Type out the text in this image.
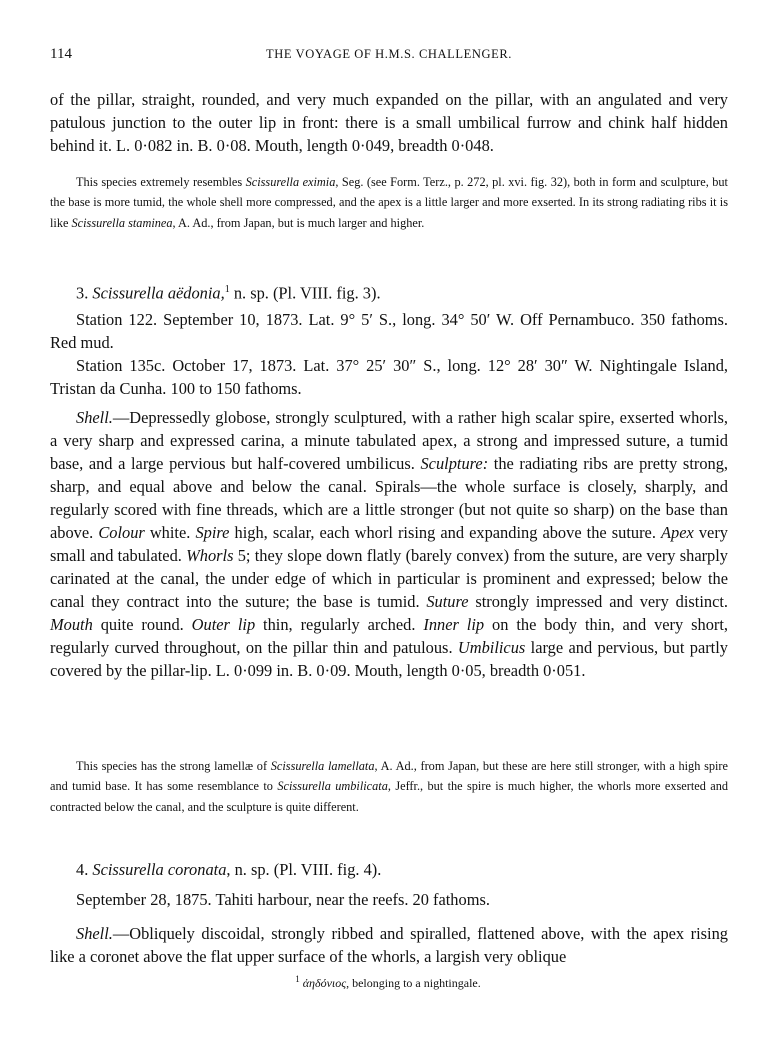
114	THE VOYAGE OF H.M.S. CHALLENGER.

of the pillar, straight, rounded, and very much expanded on the pillar, with an angulated and very patulous junction to the outer lip in front: there is a small umbilical furrow and chink half hidden behind it. L. 0·082 in. B. 0·08. Mouth, length 0·049, breadth 0·048.

This species extremely resembles Scissurella eximia, Seg. (see Form. Terz., p. 272, pl. xvi. fig. 32), both in form and sculpture, but the base is more tumid, the whole shell more compressed, and the apex is a little larger and more exserted. In its strong radiating ribs it is like Scissurella staminea, A. Ad., from Japan, but is much larger and higher.

3. Scissurella aëdonia,$^1$ n. sp. (Pl. VIII. fig. 3).

Station 122. September 10, 1873. Lat. 9° 5′ S., long. 34° 50′ W. Off Pernambuco. 350 fathoms. Red mud.

Station 135c. October 17, 1873. Lat. 37° 25′ 30″ S., long. 12° 28′ 30″ W. Nightingale Island, Tristan da Cunha. 100 to 150 fathoms.

Shell.—Depressedly globose, strongly sculptured, with a rather high scalar spire, exserted whorls, a very sharp and expressed carina, a minute tabulated apex, a strong and impressed suture, a tumid base, and a large pervious but half-covered umbilicus. Sculpture: the radiating ribs are pretty strong, sharp, and equal above and below the canal. Spirals—the whole surface is closely, sharply, and regularly scored with fine threads, which are a little stronger (but not quite so sharp) on the base than above. Colour white. Spire high, scalar, each whorl rising and expanding above the suture. Apex very small and tabulated. Whorls 5; they slope down flatly (barely convex) from the suture, are very sharply carinated at the canal, the under edge of which in particular is prominent and expressed; below the canal they contract into the suture; the base is tumid. Suture strongly impressed and very distinct. Mouth quite round. Outer lip thin, regularly arched. Inner lip on the body thin, and very short, regularly curved throughout, on the pillar thin and patulous. Umbilicus large and pervious, but partly covered by the pillar-lip. L. 0·099 in. B. 0·09. Mouth, length 0·05, breadth 0·051.

This species has the strong lamellæ of Scissurella lamellata, A. Ad., from Japan, but these are here still stronger, with a high spire and tumid base. It has some resemblance to Scissurella umbilicata, Jeffr., but the spire is much higher, the whorls more exserted and contracted below the canal, and the sculpture is quite different.

4. Scissurella coronata, n. sp. (Pl. VIII. fig. 4).

September 28, 1875. Tahiti harbour, near the reefs. 20 fathoms.

Shell.—Obliquely discoidal, strongly ribbed and spiralled, flattened above, with the apex rising like a coronet above the flat upper surface of the whorls, a largish very oblique

$^1$ ἀηδόνιος, belonging to a nightingale.
